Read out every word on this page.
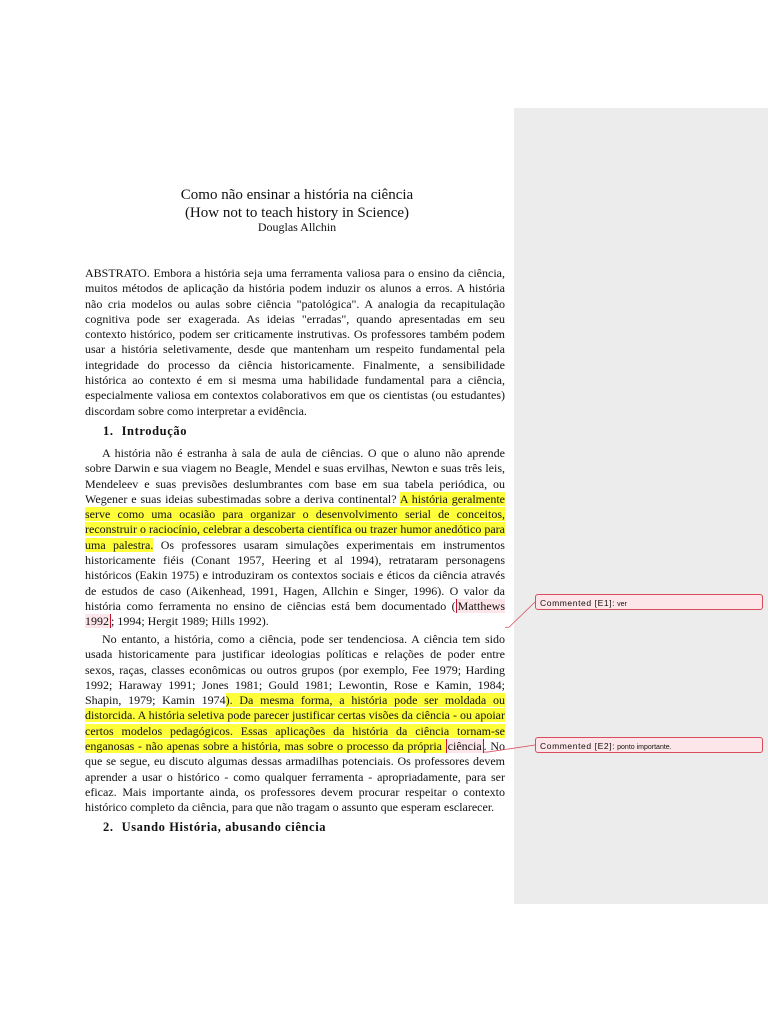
Como não ensinar a história na ciência
(How not to teach history in Science)
Douglas Allchin

ABSTRATO. Embora a história seja uma ferramenta valiosa para o ensino da ciência, muitos métodos de aplicação da história podem induzir os alunos a erros. A história não cria modelos ou aulas sobre ciência "patológica". A analogia da recapitulação cognitiva pode ser exagerada. As ideias "erradas", quando apresentadas em seu contexto histórico, podem ser criticamente instrutivas. Os professores também podem usar a história seletivamente, desde que mantenham um respeito fundamental pela integridade do processo da ciência historicamente. Finalmente, a sensibilidade histórica ao contexto é em si mesma uma habilidade fundamental para a ciência, especialmente valiosa em contextos colaborativos em que os cientistas (ou estudantes) discordam sobre como interpretar a evidência.

1. Introdução

A história não é estranha à sala de aula de ciências. O que o aluno não aprende sobre Darwin e sua viagem no Beagle, Mendel e suas ervilhas, Newton e suas três leis, Mendeleev e suas previsões deslumbrantes com base em sua tabela periódica, ou Wegener e suas ideias subestimadas sobre a deriva continental? A história geralmente serve como uma ocasião para organizar o desenvolvimento serial de conceitos, reconstruir o raciocínio, celebrar a descoberta científica ou trazer humor anedótico para uma palestra. Os professores usaram simulações experimentais em instrumentos historicamente fiéis (Conant 1957, Heering et al 1994), retrataram personagens históricos (Eakin 1975) e introduziram os contextos sociais e éticos da ciência através de estudos de caso (Aikenhead, 1991, Hagen, Allchin e Singer, 1996). O valor da história como ferramenta no ensino de ciências está bem documentado ( Matthews 1992 ; 1994; Hergit 1989; Hills 1992).

No entanto, a história, como a ciência, pode ser tendenciosa. A ciência tem sido usada historicamente para justificar ideologias políticas e relações de poder entre sexos, raças, classes econômicas ou outros grupos (por exemplo, Fee 1979; Harding 1992; Haraway 1991; Jones 1981; Gould 1981; Lewontin, Rose e Kamin, 1984; Shapin, 1979; Kamin 1974). Da mesma forma, a história pode ser moldada ou distorcida. A história seletiva pode parecer justificar certas visões da ciência - ou apoiar certos modelos pedagógicos. Essas aplicações da história da ciência tornam-se enganosas - não apenas sobre a história, mas sobre o processo da própria ciência . No que se segue, eu discuto algumas dessas armadilhas potenciais. Os professores devem aprender a usar o histórico - como qualquer ferramenta - apropriadamente, para ser eficaz. Mais importante ainda, os professores devem procurar respeitar o contexto histórico completo da ciência, para que não tragam o assunto que esperam esclarecer.

2. Usando História, abusando ciência
Commented [E1]: ver
Commented [E2]: ponto importante.
